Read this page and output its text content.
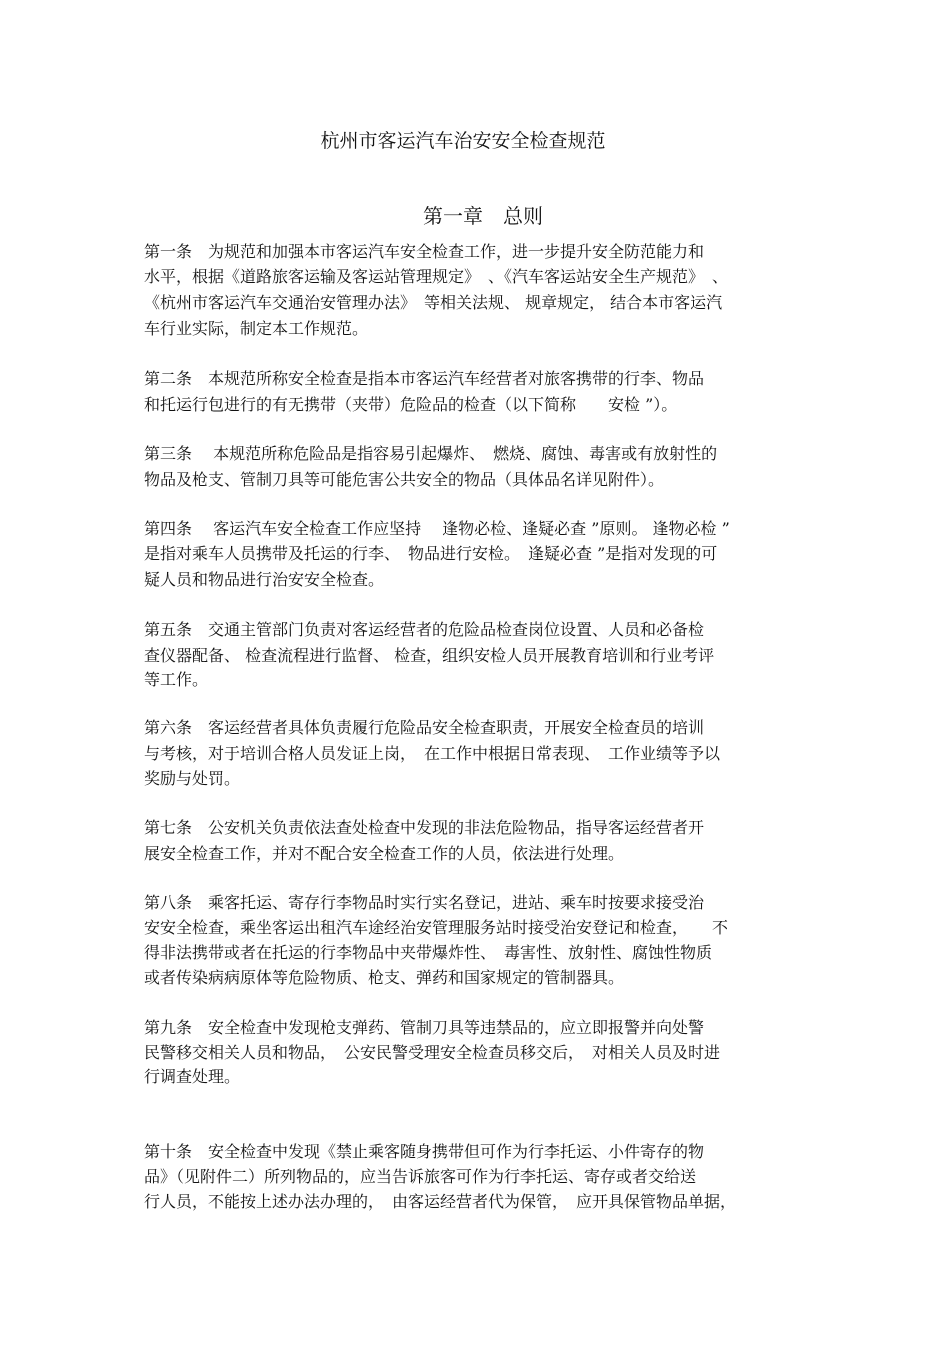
杭州市客运汽车治安安全检查规范
第一章　总则
第一条　为规范和加强本市客运汽车安全检查工作，进一步提升安全防范能力和
水平，根据《道路旅客运输及客运站管理规定》　、《汽车客运站安全生产规范》　、
《杭州市客运汽车交通治安管理办法》　等相关法规、 规章规定， 结合本市客运汽
车行业实际，制定本工作规范。
第二条　本规范所称安全检查是指本市客运汽车经营者对旅客携带的行李、物品
和托运行包进行的有无携带（夹带）危险品的检查（以下简称　　安检 ”）。
第三条　 本规范所称危险品是指容易引起爆炸、　燃烧、腐蚀、毒害或有放射性的
物品及枪支、管制刀具等可能危害公共安全的物品（具体品名详见附件）。
第四条　 客运汽车安全检查工作应坚持　 逢物必检、逢疑必查 ”原则。 逢物必检 ”
是指对乘车人员携带及托运的行李、　物品进行安检。　逢疑必查 ”是指对发现的可
疑人员和物品进行治安安全检查。
第五条　交通主管部门负责对客运经营者的危险品检查岗位设置、人员和必备检
查仪器配备、 检查流程进行监督、 检查，组织安检人员开展教育培训和行业考评
等工作。
第六条　客运经营者具体负责履行危险品安全检查职责，开展安全检查员的培训
与考核，对于培训合格人员发证上岗，　在工作中根据日常表现、　工作业绩等予以
奖励与处罚。
第七条　公安机关负责依法查处检查中发现的非法危险物品，指导客运经营者开
展安全检查工作，并对不配合安全检查工作的人员，依法进行处理。
第八条　乘客托运、寄存行李物品时实行实名登记，进站、乘车时按要求接受治
安安全检查，乘坐客运出租汽车途经治安管理服务站时接受治安登记和检查，　　不
得非法携带或者在托运的行李物品中夹带爆炸性、　毒害性、放射性、腐蚀性物质
或者传染病病原体等危险物质、枪支、弹药和国家规定的管制器具。
第九条　安全检查中发现枪支弹药、管制刀具等违禁品的，应立即报警并向处警
民警移交相关人员和物品，　公安民警受理安全检查员移交后，　对相关人员及时进
行调查处理。
第十条　安全检查中发现《禁止乘客随身携带但可作为行李托运、小件寄存的物
品》（见附件二）所列物品的，应当告诉旅客可作为行李托运、寄存或者交给送
行人员，不能按上述办法办理的，　由客运经营者代为保管，　应开具保管物品单据，
